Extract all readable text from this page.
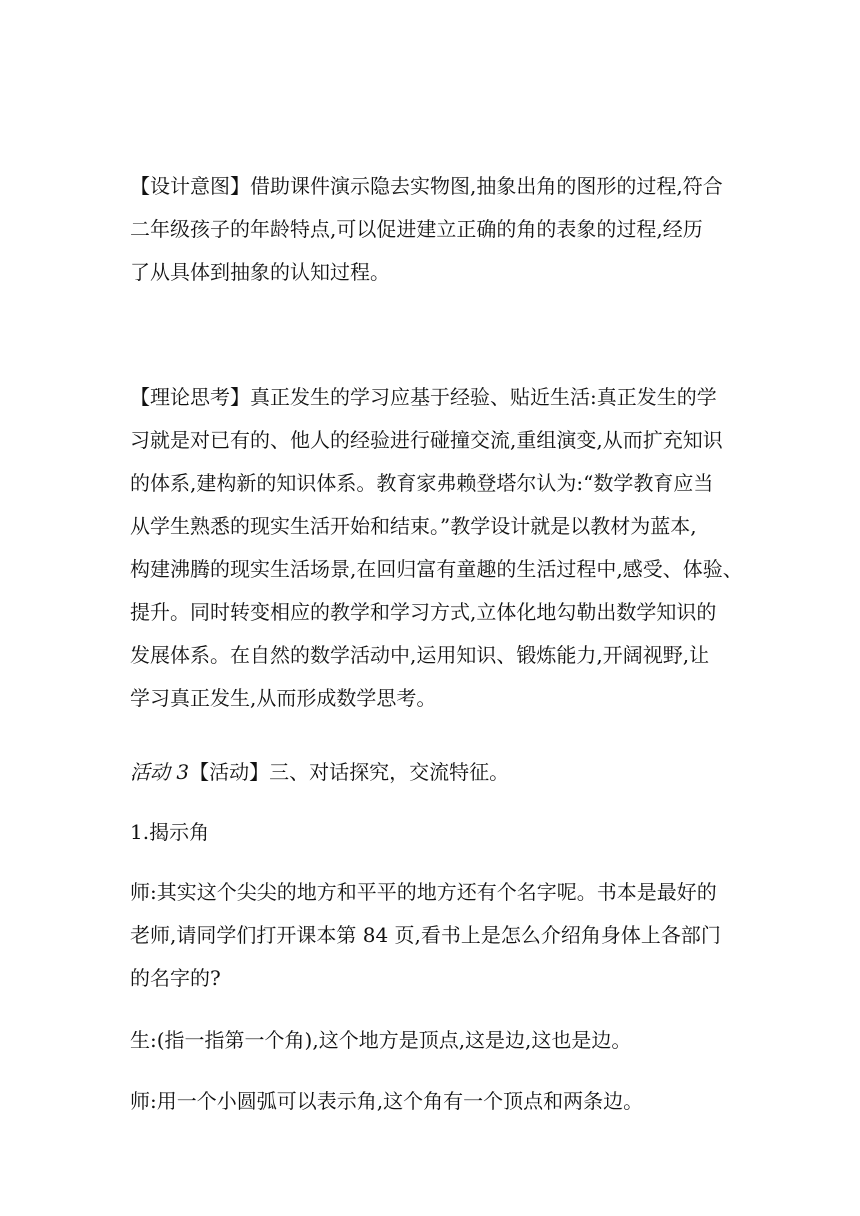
【设计意图】借助课件演示隐去实物图,抽象出角的图形的过程,符合
二年级孩子的年龄特点,可以促进建立正确的角的表象的过程,经历
了从具体到抽象的认知过程。
【理论思考】真正发生的学习应基于经验、贴近生活:真正发生的学
习就是对已有的、他人的经验进行碰撞交流,重组演变,从而扩充知识
的体系,建构新的知识体系。教育家弗赖登塔尔认为:“数学教育应当
从学生熟悉的现实生活开始和结束。”教学设计就是以教材为蓝本,
构建沸腾的现实生活场景,在回归富有童趣的生活过程中,感受、体验、
提升。同时转变相应的教学和学习方式,立体化地勾勒出数学知识的
发展体系。在自然的数学活动中,运用知识、锻炼能力,开阔视野,让
学习真正发生,从而形成数学思考。
活动 3【活动】三、对话探究，交流特征。
1.揭示角
师:其实这个尖尖的地方和平平的地方还有个名字呢。书本是最好的
老师,请同学们打开课本第 84 页,看书上是怎么介绍角身体上各部门
的名字的?
生:(指一指第一个角),这个地方是顶点,这是边,这也是边。
师:用一个小圆弧可以表示角,这个角有一个顶点和两条边。
